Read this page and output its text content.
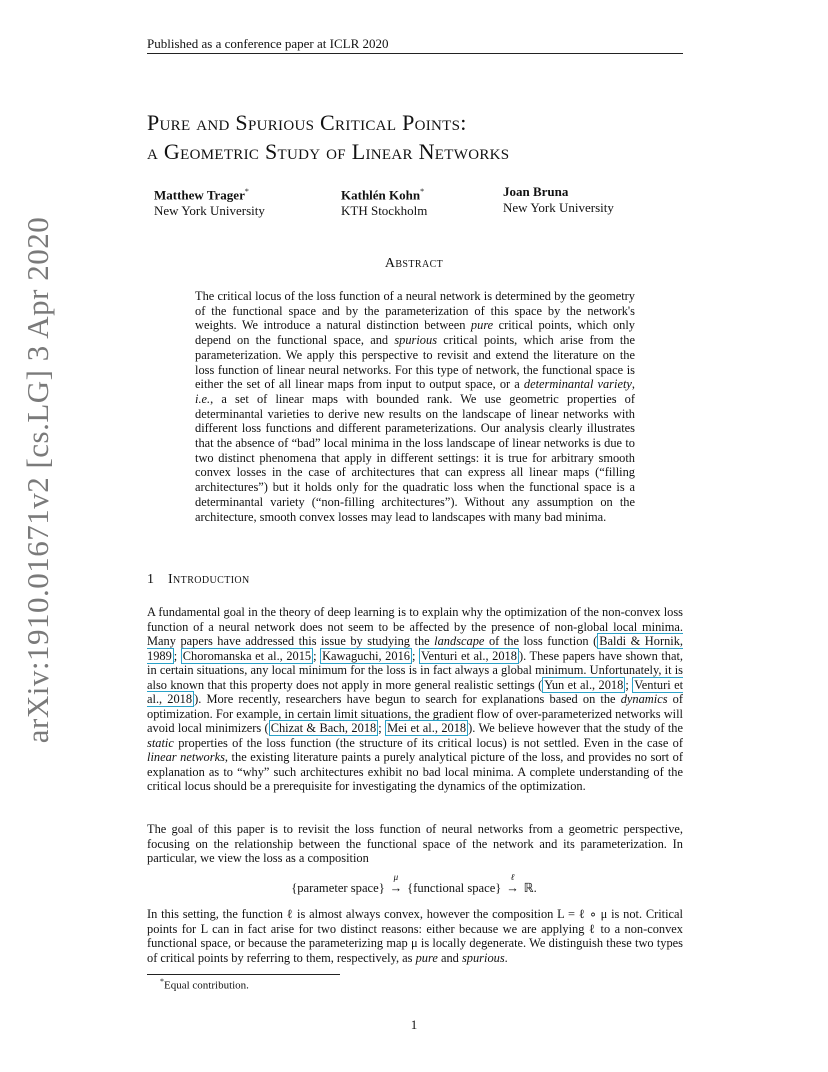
Published as a conference paper at ICLR 2020
arXiv:1910.01671v2 [cs.LG] 3 Apr 2020
Pure and Spurious Critical Points:
a Geometric Study of Linear Networks
Matthew Trager*
New York University
Kathlén Kohn*
KTH Stockholm
Joan Bruna
New York University
Abstract
The critical locus of the loss function of a neural network is determined by the geometry of the functional space and by the parameterization of this space by the network's weights. We introduce a natural distinction between pure critical points, which only depend on the functional space, and spurious critical points, which arise from the parameterization. We apply this perspective to revisit and extend the literature on the loss function of linear neural networks. For this type of network, the functional space is either the set of all linear maps from input to output space, or a determinantal variety, i.e., a set of linear maps with bounded rank. We use geometric properties of determinantal varieties to derive new results on the landscape of linear networks with different loss functions and different parameterizations. Our analysis clearly illustrates that the absence of “bad” local minima in the loss landscape of linear networks is due to two distinct phenomena that apply in different settings: it is true for arbitrary smooth convex losses in the case of architectures that can express all linear maps (“filling architectures”) but it holds only for the quadratic loss when the functional space is a determinantal variety (“non-filling architectures”). Without any assumption on the architecture, smooth convex losses may lead to landscapes with many bad minima.
1 Introduction
A fundamental goal in the theory of deep learning is to explain why the optimization of the non-convex loss function of a neural network does not seem to be affected by the presence of non-global local minima. Many papers have addressed this issue by studying the landscape of the loss function ( Baldi & Hornik, 1989 ; Choromanska et al., 2015 ; Kawaguchi, 2016 ; Venturi et al., 2018 ). These papers have shown that, in certain situations, any local minimum for the loss is in fact always a global minimum. Unfortunately, it is also known that this property does not apply in more general realistic settings ( Yun et al., 2018 ; Venturi et al., 2018 ). More recently, researchers have begun to search for explanations based on the dynamics of optimization. For example, in certain limit situations, the gradient flow of over-parameterized networks will avoid local minimizers ( Chizat & Bach, 2018 ; Mei et al., 2018 ). We believe however that the study of the static properties of the loss function (the structure of its critical locus) is not settled. Even in the case of linear networks, the existing literature paints a purely analytical picture of the loss, and provides no sort of explanation as to “why” such architectures exhibit no bad local minima. A complete understanding of the critical locus should be a prerequisite for investigating the dynamics of the optimization.
The goal of this paper is to revisit the loss function of neural networks from a geometric perspective, focusing on the relationship between the functional space of the network and its parameterization. In particular, we view the loss as a composition
{parameter space}
μ
→ {functional space}
ℓ
→ ℝ.
In this setting, the function ℓ is almost always convex, however the composition L = ℓ ∘ μ is not. Critical points for L can in fact arise for two distinct reasons: either because we are applying ℓ to a non-convex functional space, or because the parameterizing map μ is locally degenerate. We distinguish these two types of critical points by referring to them, respectively, as pure and spurious.
*Equal contribution.
1
